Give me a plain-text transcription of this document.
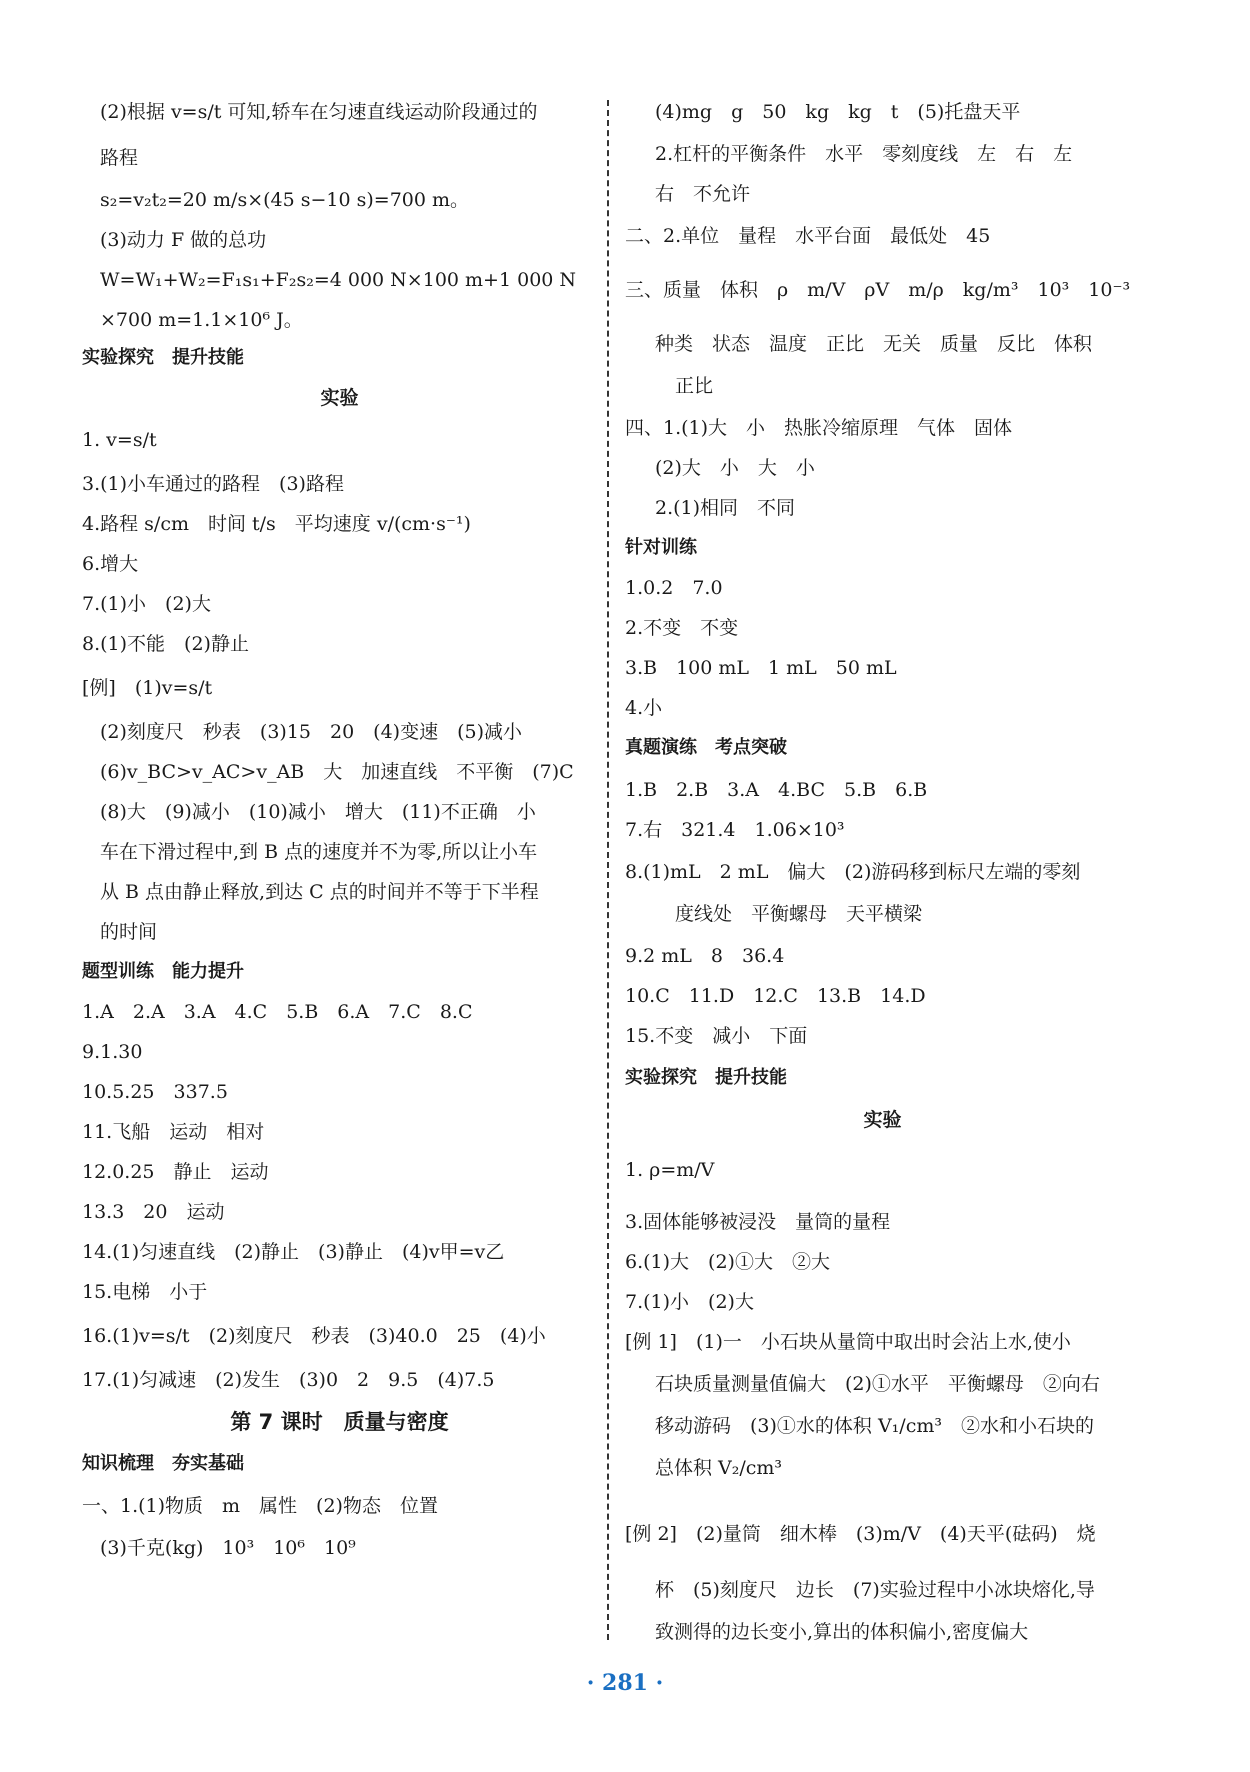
(2)根据 v=s/t 可知,轿车在匀速直线运动阶段通过的
路程
s₂=v₂t₂=20 m/s×(45 s−10 s)=700 m。
(3)动力 F 做的总功
W=W₁+W₂=F₁s₁+F₂s₂=4 000 N×100 m+1 000 N
×700 m=1.1×10⁶ J。
实验探究　提升技能
实验
1. v=s/t
3.(1)小车通过的路程　(3)路程
4.路程 s/cm　时间 t/s　平均速度 v/(cm·s⁻¹)
6.增大
7.(1)小　(2)大
8.(1)不能　(2)静止
[例]　(1)v=s/t
(2)刻度尺　秒表　(3)15　20　(4)变速　(5)减小
(6)v_BC>v_AC>v_AB　大　加速直线　不平衡　(7)C
(8)大　(9)减小　(10)减小　增大　(11)不正确　小
车在下滑过程中,到 B 点的速度并不为零,所以让小车
从 B 点由静止释放,到达 C 点的时间并不等于下半程
的时间
题型训练　能力提升
1.A　2.A　3.A　4.C　5.B　6.A　7.C　8.C
9.1.30
10.5.25　337.5
11.飞船　运动　相对
12.0.25　静止　运动
13.3　20　运动
14.(1)匀速直线　(2)静止　(3)静止　(4)v甲=v乙
15.电梯　小于
16.(1)v=s/t　(2)刻度尺　秒表　(3)40.0　25　(4)小
17.(1)匀减速　(2)发生　(3)0　2　9.5　(4)7.5
第 7 课时　质量与密度
知识梳理　夯实基础
一、1.(1)物质　m　属性　(2)物态　位置
(3)千克(kg)　10³　10⁶　10⁹
(4)mg　g　50　kg　kg　t　(5)托盘天平
2.杠杆的平衡条件　水平　零刻度线　左　右　左
右　不允许
二、2.单位　量程　水平台面　最低处　45
三、质量　体积　ρ　m/V　ρV　m/ρ　kg/m³　10³　10⁻³
种类　状态　温度　正比　无关　质量　反比　体积
正比
四、1.(1)大　小　热胀冷缩原理　气体　固体
(2)大　小　大　小
2.(1)相同　不同
针对训练
1.0.2　7.0
2.不变　不变
3.B　100 mL　1 mL　50 mL
4.小
真题演练　考点突破
1.B　2.B　3.A　4.BC　5.B　6.B
7.右　321.4　1.06×10³
8.(1)mL　2 mL　偏大　(2)游码移到标尺左端的零刻
度线处　平衡螺母　天平横梁
9.2 mL　8　36.4
10.C　11.D　12.C　13.B　14.D
15.不变　减小　下面
实验探究　提升技能
实验
1. ρ=m/V
3.固体能够被浸没　量筒的量程
6.(1)大　(2)①大　②大
7.(1)小　(2)大
[例 1]　(1)一　小石块从量筒中取出时会沾上水,使小
石块质量测量值偏大　(2)①水平　平衡螺母　②向右
移动游码　(3)①水的体积 V₁/cm³　②水和小石块的
总体积 V₂/cm³
[例 2]　(2)量筒　细木棒　(3)m/V　(4)天平(砝码)　烧
杯　(5)刻度尺　边长　(7)实验过程中小冰块熔化,导
致测得的边长变小,算出的体积偏小,密度偏大
· 281 ·
